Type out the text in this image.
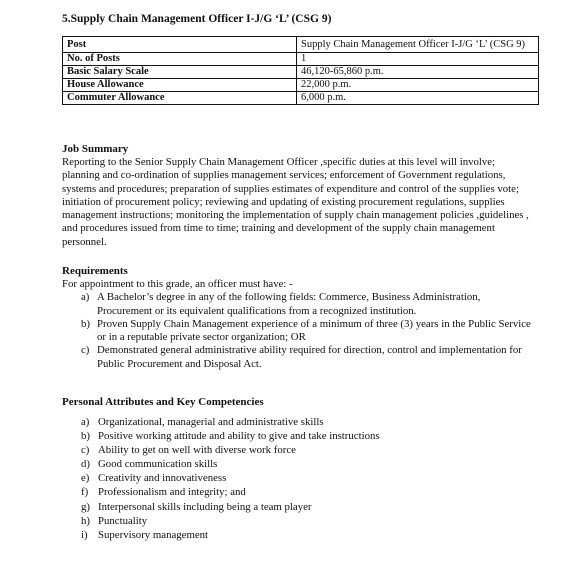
5.Supply Chain Management Officer I-J/G ‘L’ (CSG 9)
Post	Supply Chain Management Officer I-J/G ‘L’ (CSG 9)
No. of Posts	1
Basic Salary Scale	46,120-65,860 p.m.
House Allowance	22,000 p.m.
Commuter Allowance	6,000 p.m.
Job Summary

Reporting to the Senior Supply Chain Management Officer ,specific duties at this level will involve; planning and co-ordination of supplies management services; enforcement of Government regulations, systems and procedures; preparation of supplies estimates of expenditure and control of the supplies vote; initiation of procurement policy; reviewing and updating of existing procurement regulations, supplies management instructions; monitoring the implementation of supply chain management policies ,guidelines , and procedures issued from time to time; training and development of the supply chain management personnel.

Requirements

For appointment to this grade, an officer must have: -

a) A Bachelor’s degree in any of the following fields: Commerce, Business Administration, Procurement or its equivalent qualifications from a recognized institution.
b) Proven Supply Chain Management experience of a minimum of three (3) years in the Public Service or in a reputable private sector organization; OR
c) Demonstrated general administrative ability required for direction, control and implementation for Public Procurement and Disposal Act.
Personal Attributes and Key Competencies
a) Organizational, managerial and administrative skills
b) Positive working attitude and ability to give and take instructions
c) Ability to get on well with diverse work force
d) Good communication skills
e) Creativity and innovativeness
f) Professionalism and integrity; and
g) Interpersonal skills including being a team player
h) Punctuality
i) Supervisory management
